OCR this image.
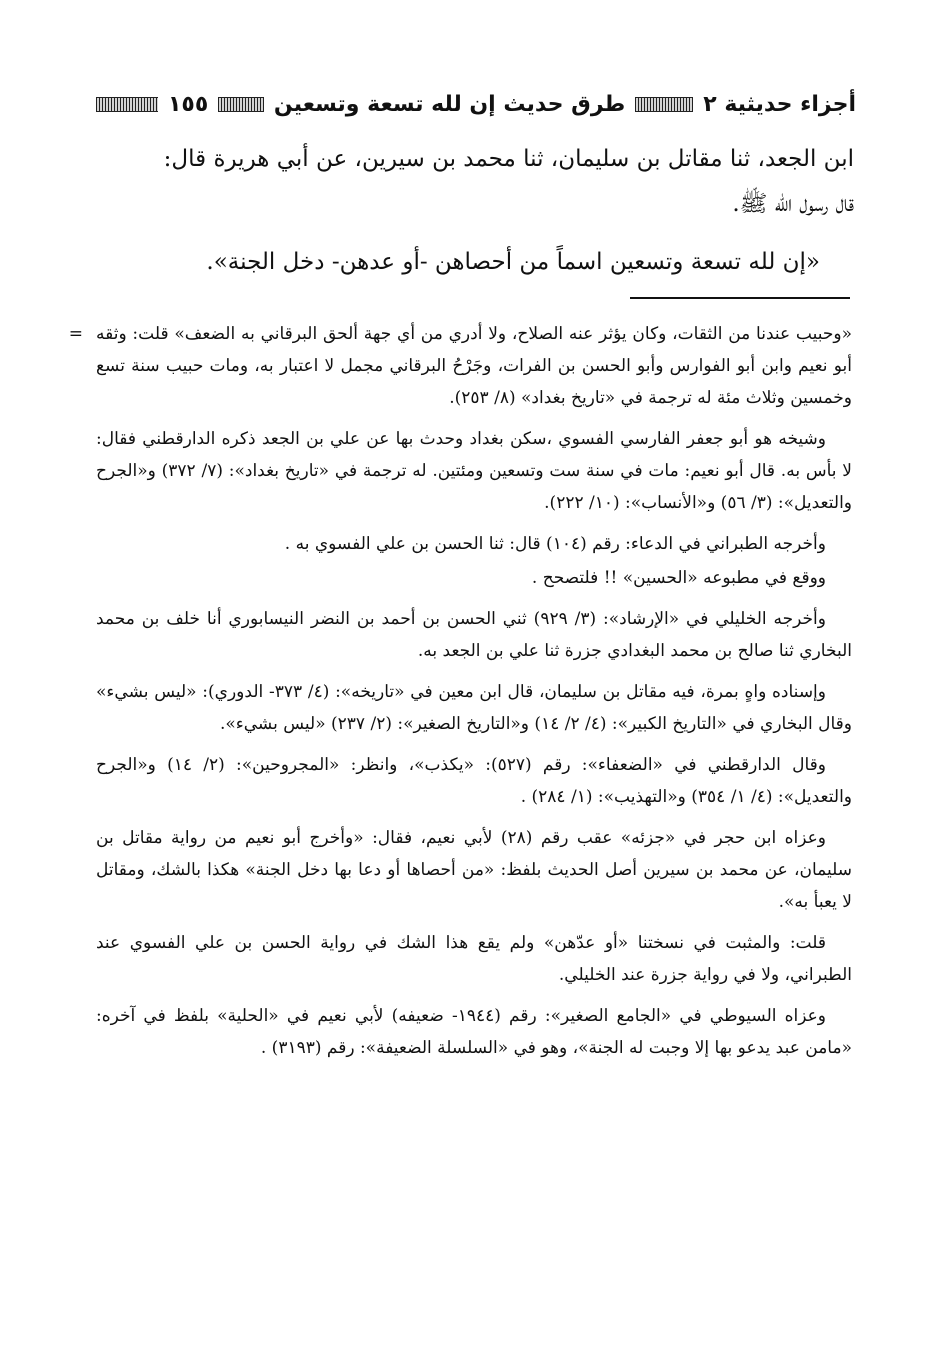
أجزاء حديثية ٢
طرق حديث إن لله تسعة وتسعين
١٥٥
ابن الجعد، ثنا مقاتل بن سليمان، ثنا محمد بن سيرين، عن أبي هريرة قال:
قال رسول الله ﷺ.
«إن لله تسعة وتسعين اسماً من أحصاهن -أو عدهن- دخل الجنة».
= «وحبيب عندنا من الثقات، وكان يؤثر عنه الصلاح، ولا أدري من أي جهة ألحق البرقاني به الضعف» قلت: وثقه أبو نعيم وابن أبو الفوارس وأبو الحسن بن الفرات، وجَرْحُ البرقاني مجمل لا اعتبار به، ومات حبيب سنة تسع وخمسين وثلاث مئة له ترجمة في «تاريخ بغداد» (٨/ ٢٥٣).

وشيخه هو أبو جعفر الفارسي الفسوي ،سكن بغداد وحدث بها عن علي بن الجعد ذكره الدارقطني فقال: لا بأس به. قال أبو نعيم: مات في سنة ست وتسعين ومئتين. له ترجمة في «تاريخ بغداد»: (٧/ ٣٧٢) و«الجرح والتعديل»: (٣/ ٥٦) و«الأنساب»: (١٠/ ٢٢٢).

وأخرجه الطبراني في الدعاء: رقم (١٠٤) قال: ثنا الحسن بن علي الفسوي به .

ووقع في مطبوعه «الحسين» !! فلتصحح .

وأخرجه الخليلي في «الإرشاد»: (٣/ ٩٢٩) ثني الحسن بن أحمد بن النضر النيسابوري أنا خلف بن محمد البخاري ثنا صالح بن محمد البغدادي جزرة ثنا علي بن الجعد به.

وإسناده واهٍ بمرة، فيه مقاتل بن سليمان، قال ابن معين في «تاريخه»: (٤/ ٣٧٣- الدوري): «ليس بشيء» وقال البخاري في «التاريخ الكبير»: (٤/ ٢/ ١٤) و«التاريخ الصغير»: (٢/ ٢٣٧) «ليس بشيء».

وقال الدارقطني في «الضعفاء»: رقم (٥٢٧): «يكذب»، وانظر: «المجروحين»: (٢/ ١٤) و«الجرح والتعديل»: (٤/ ١/ ٣٥٤) و«التهذيب»: (١/ ٢٨٤) .

وعزاه ابن حجر في «جزئه» عقب رقم (٢٨) لأبي نعيم، فقال: «وأخرج أبو نعيم من رواية مقاتل بن سليمان، عن محمد بن سيرين أصل الحديث بلفظ: «من أحصاها أو دعا بها دخل الجنة» هكذا بالشك، ومقاتل لا يعبأ به».

قلت: والمثبت في نسختنا «أو عدّهن» ولم يقع هذا الشك في رواية الحسن بن علي الفسوي عند الطبراني، ولا في رواية جزرة عند الخليلي.

وعزاه السيوطي في «الجامع الصغير»: رقم (١٩٤٤- ضعيفه) لأبي نعيم في «الحلية» بلفظ في آخره: «مامن عبد يدعو بها إلا وجبت له الجنة»، وهو في «السلسلة الضعيفة»: رقم (٣١٩٣) .
